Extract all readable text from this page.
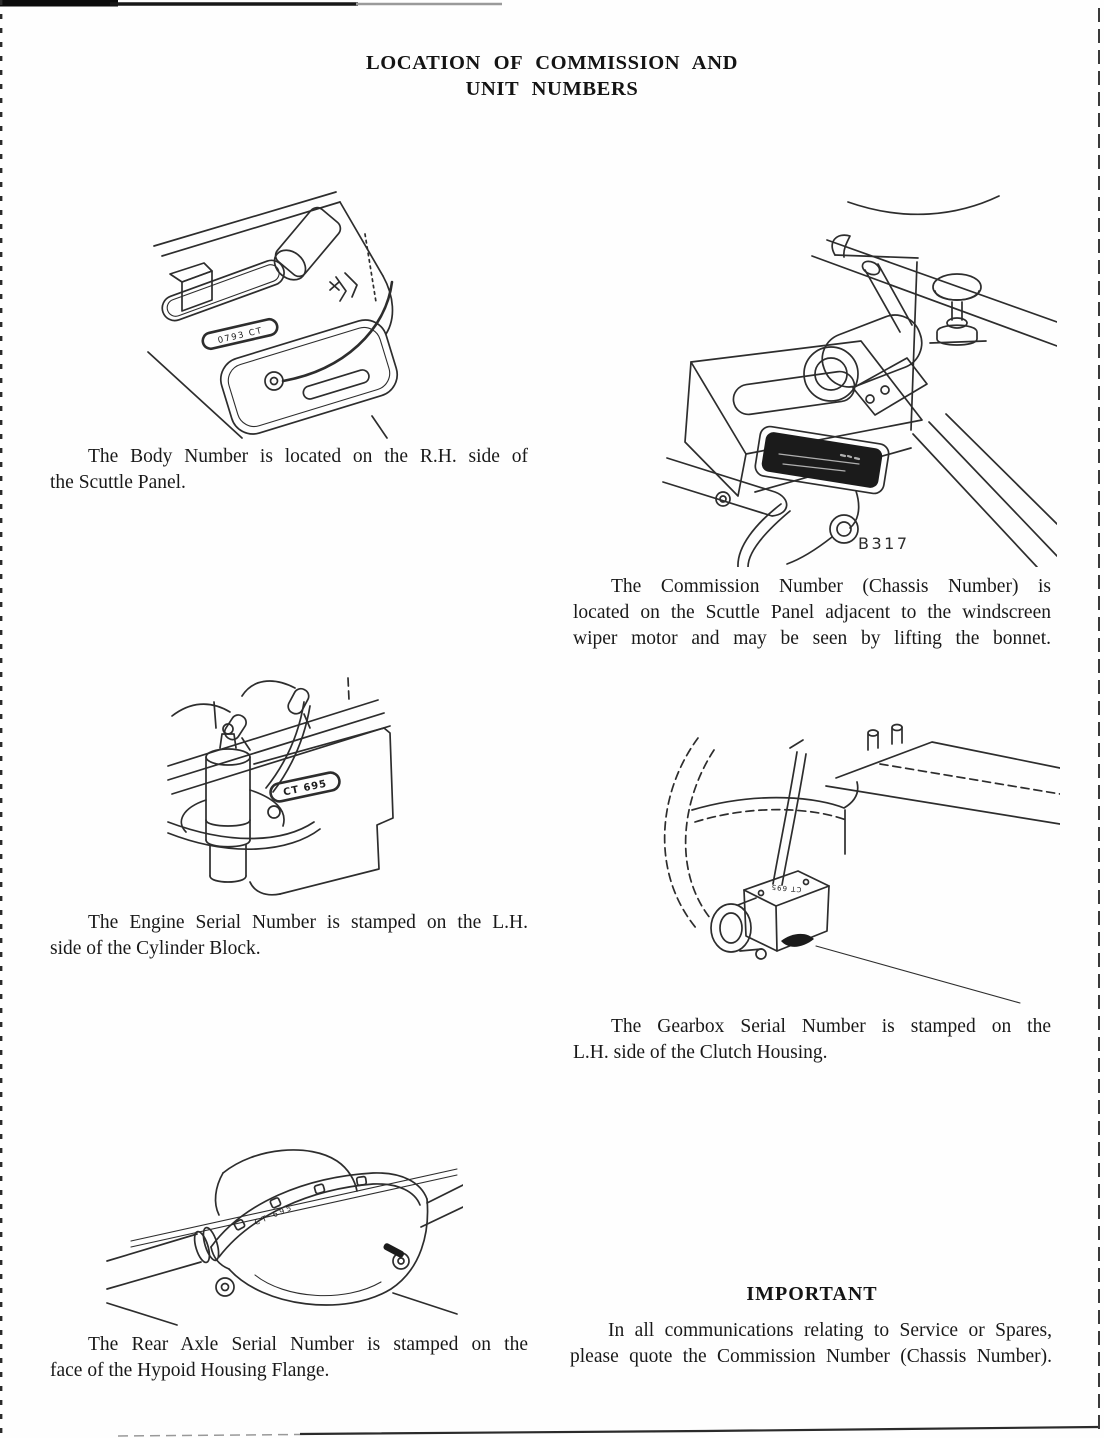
LOCATION OF COMMISSION AND
UNIT NUMBERS
0793 CT
The Body Number is located on the R.H. side of
the Scuttle Panel.
B317
The Commission Number (Chassis Number) is
located on the Scuttle Panel adjacent to the windscreen
wiper motor and may be seen by lifting the bonnet.
CT 695
The Engine Serial Number is stamped on the L.H.
side of the Cylinder Block.
CT 695
The Gearbox Serial Number is stamped on the
L.H. side of the Clutch Housing.
CT 695
The Rear Axle Serial Number is stamped on the
face of the Hypoid Housing Flange.
IMPORTANT
In all communications relating to Service or Spares,
please quote the Commission Number (Chassis Number).
